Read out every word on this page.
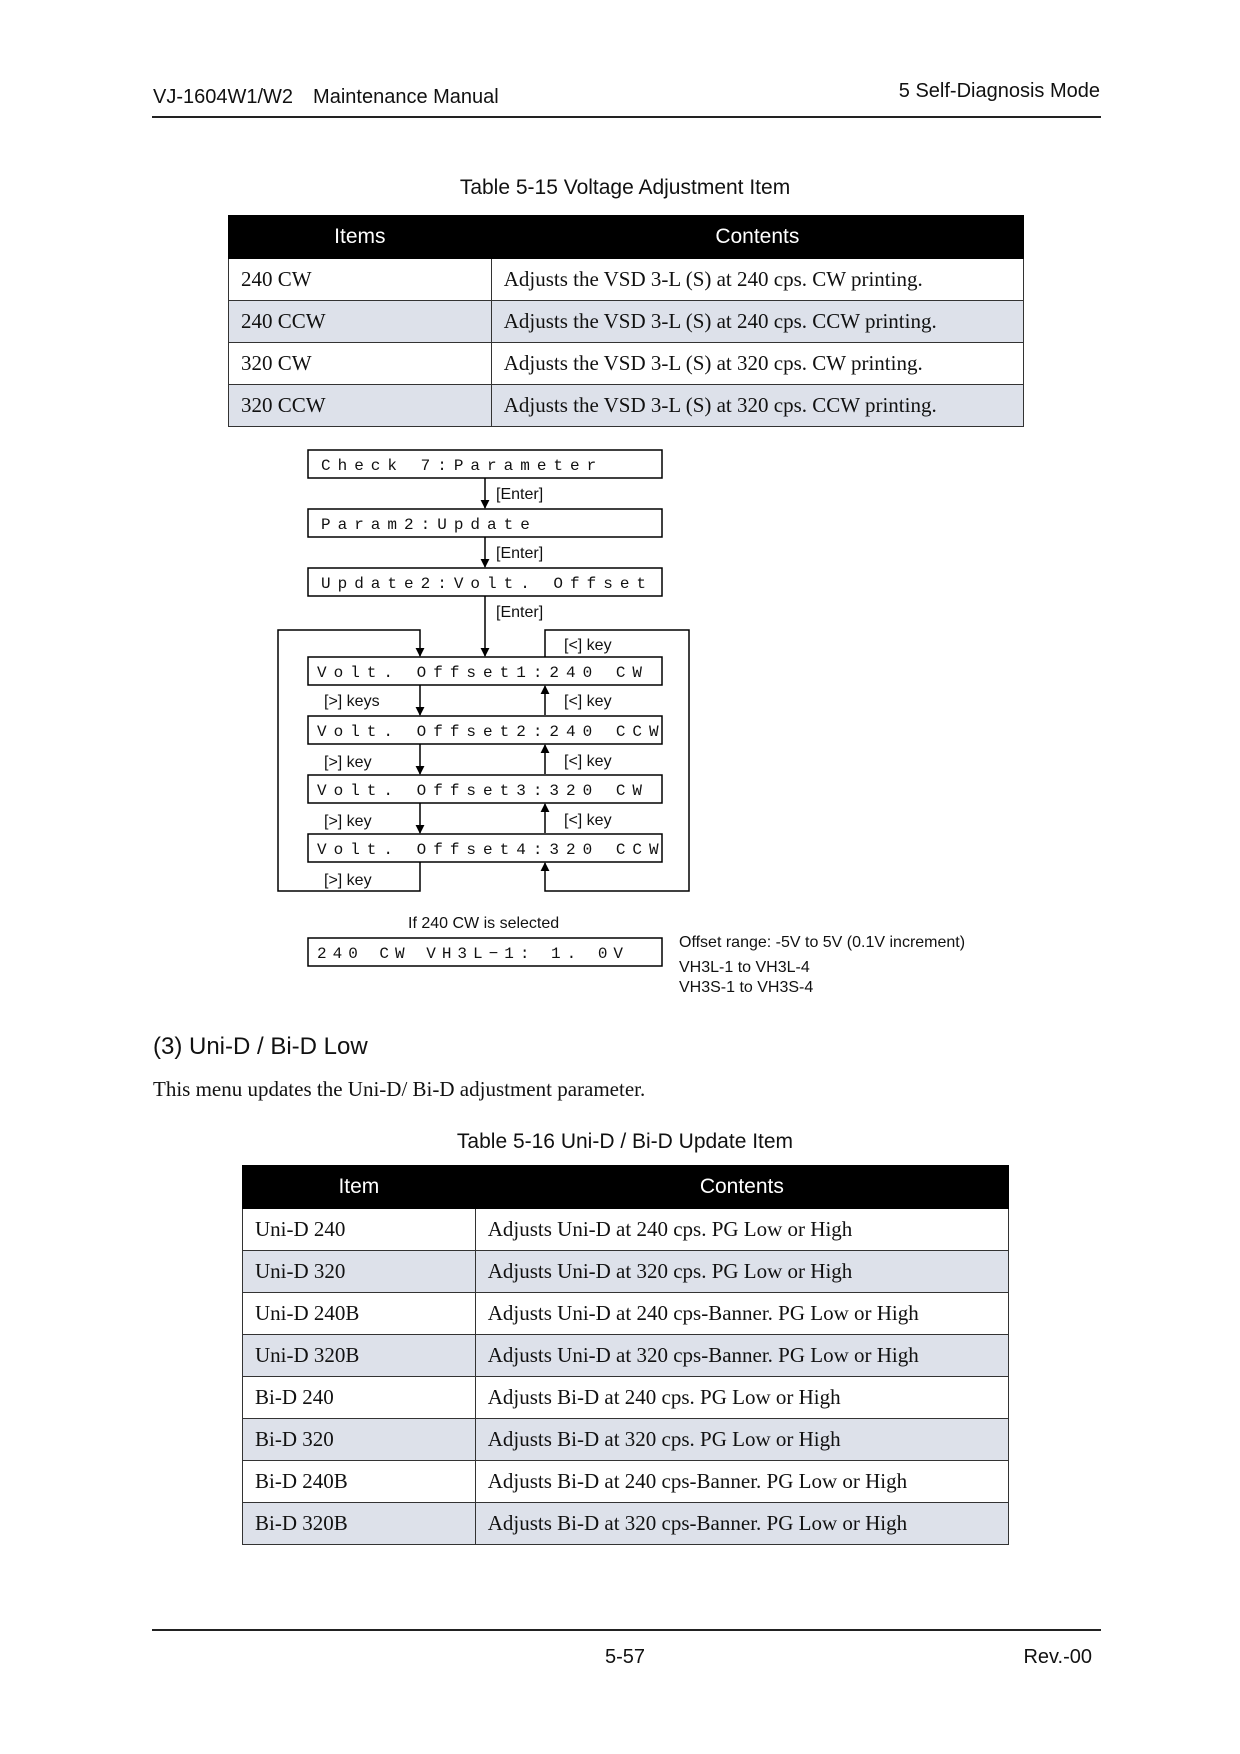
VJ-1604W1/W2　Maintenance Manual	5 Self-Diagnosis Mode
Table 5-15 Voltage Adjustment Item
Items	Contents
240 CW	Adjusts the VSD 3-L (S) at 240 cps. CW printing.
240 CCW	Adjusts the VSD 3-L (S) at 240 cps. CCW printing.
320 CW	Adjusts the VSD 3-L (S) at 320 cps. CW printing.
320 CCW	Adjusts the VSD 3-L (S) at 320 cps. CCW printing.
Check 7:Parameter
Param2:Update
Update2:Volt. Offset
Volt. Offset1:240 CW
Volt. Offset2:240 CCW
Volt. Offset3:320 CW
Volt. Offset4:320 CCW
240 CW VH3L−1: 1. 0V
[Enter]
[Enter]
[Enter]
[<] key
[>] keys	[<] key
[>] key	[<] key
[>] key	[<] key
[>] key
If 240 CW is selected
Offset range: -5V to 5V (0.1V increment)
VH3L-1 to VH3L-4
VH3S-1 to VH3S-4
(3) Uni-D / Bi-D Low
This menu updates the Uni-D/ Bi-D adjustment parameter.
Table 5-16 Uni-D / Bi-D Update Item
Item	Contents
Uni-D 240	Adjusts Uni-D at 240 cps. PG Low or High
Uni-D 320	Adjusts Uni-D at 320 cps. PG Low or High
Uni-D 240B	Adjusts Uni-D at 240 cps-Banner. PG Low or High
Uni-D 320B	Adjusts Uni-D at 320 cps-Banner. PG Low or High
Bi-D 240	Adjusts Bi-D at 240 cps. PG Low or High
Bi-D 320	Adjusts Bi-D at 320 cps. PG Low or High
Bi-D 240B	Adjusts Bi-D at 240 cps-Banner. PG Low or High
Bi-D 320B	Adjusts Bi-D at 320 cps-Banner. PG Low or High
5-57	Rev.-00
